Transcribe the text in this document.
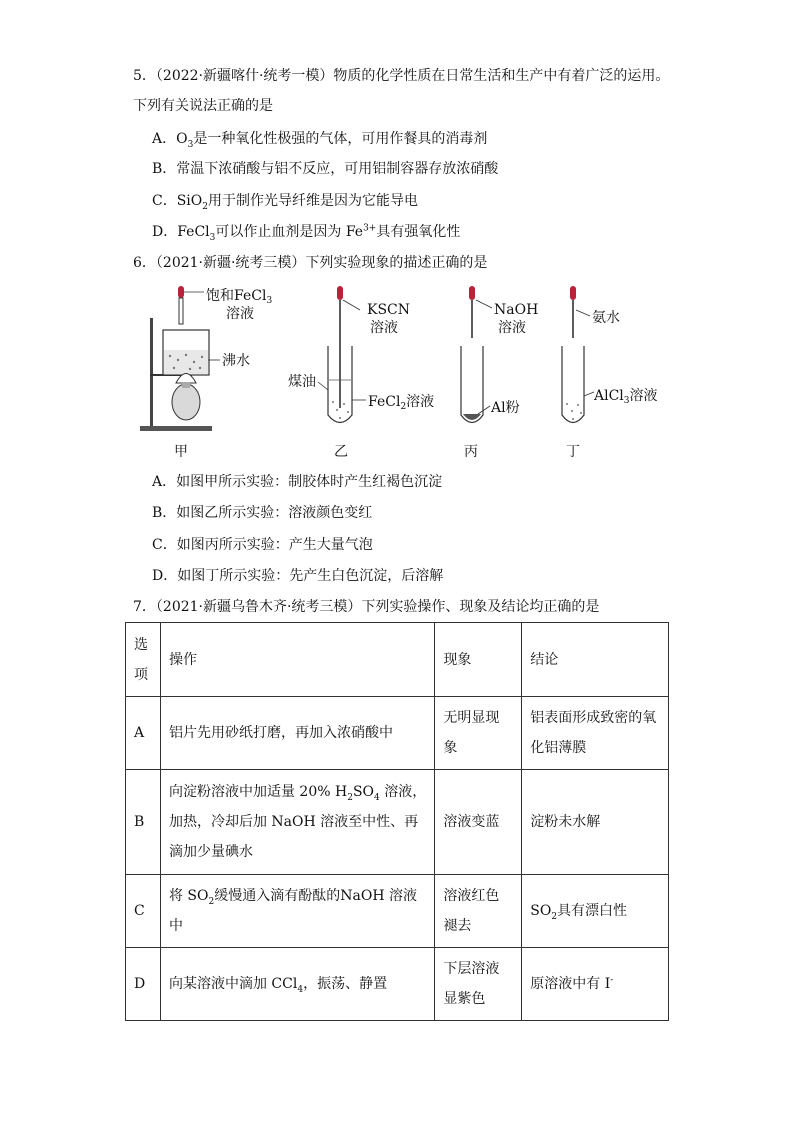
5．（2022·新疆喀什·统考一模）物质的化学性质在日常生活和生产中有着广泛的运用。
下列有关说法正确的是
A．$O_3$是一种氧化性极强的气体，可用作餐具的消毒剂
B．常温下浓硝酸与铝不反应，可用铝制容器存放浓硝酸
C．SiO$_2$用于制作光导纤维是因为它能导电
D．FeCl$_3$可以作止血剂是因为 $Fe^{3+}$具有强氧化性
6．（2021·新疆·统考三模）下列实验现象的描述正确的是
饱和FeCl$_3$
溶液
沸水
甲
KSCN
溶液
煤油
FeCl$_2$溶液
乙
NaOH
溶液
Al粉
丙
氨水
AlCl$_3$溶液
丁
A．如图甲所示实验：制胶体时产生红褐色沉淀
B．如图乙所示实验：溶液颜色变红
C．如图丙所示实验：产生大量气泡
D．如图丁所示实验：先产生白色沉淀，后溶解
7．（2021·新疆乌鲁木齐·统考三模）下列实验操作、现象及结论均正确的是
选项	操作	现象	结论
A	铝片先用砂纸打磨，再加入浓硝酸中	无明显现象	铝表面形成致密的氧化铝薄膜
B	向淀粉溶液中加适量 20% $H_2SO_4$ 溶液，加热，冷却后加 NaOH 溶液至中性、再滴加少量碘水	溶液变蓝	淀粉未水解
C	将 $SO_2$缓慢通入滴有酚酞的NaOH 溶液中	溶液红色褪去	$SO_2$具有漂白性
D	向某溶液中滴加 CCl$_4$，振荡、静置	下层溶液显紫色	原溶液中有 I-
